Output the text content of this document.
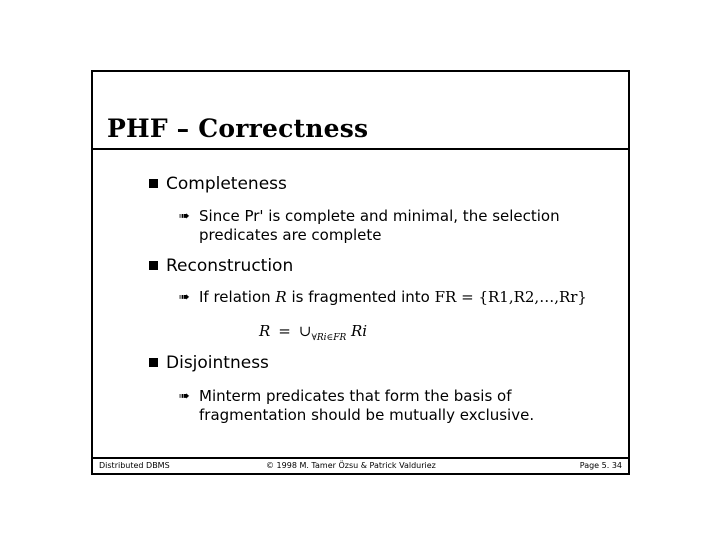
PHF – Correctness
Completeness
➠ Since Pr' is complete and minimal, the selection
predicates are complete
Reconstruction
➠ If relation R is fragmented into FR = {R1,R2,…,Rr}
$R = \cup_{\forall Ri\in FR}$ Ri
Disjointness
➠ Minterm predicates that form the basis of
fragmentation should be mutually exclusive.
Distributed DBMS	© 1998 M. Tamer Özsu & Patrick Valduriez	Page 5. 34
